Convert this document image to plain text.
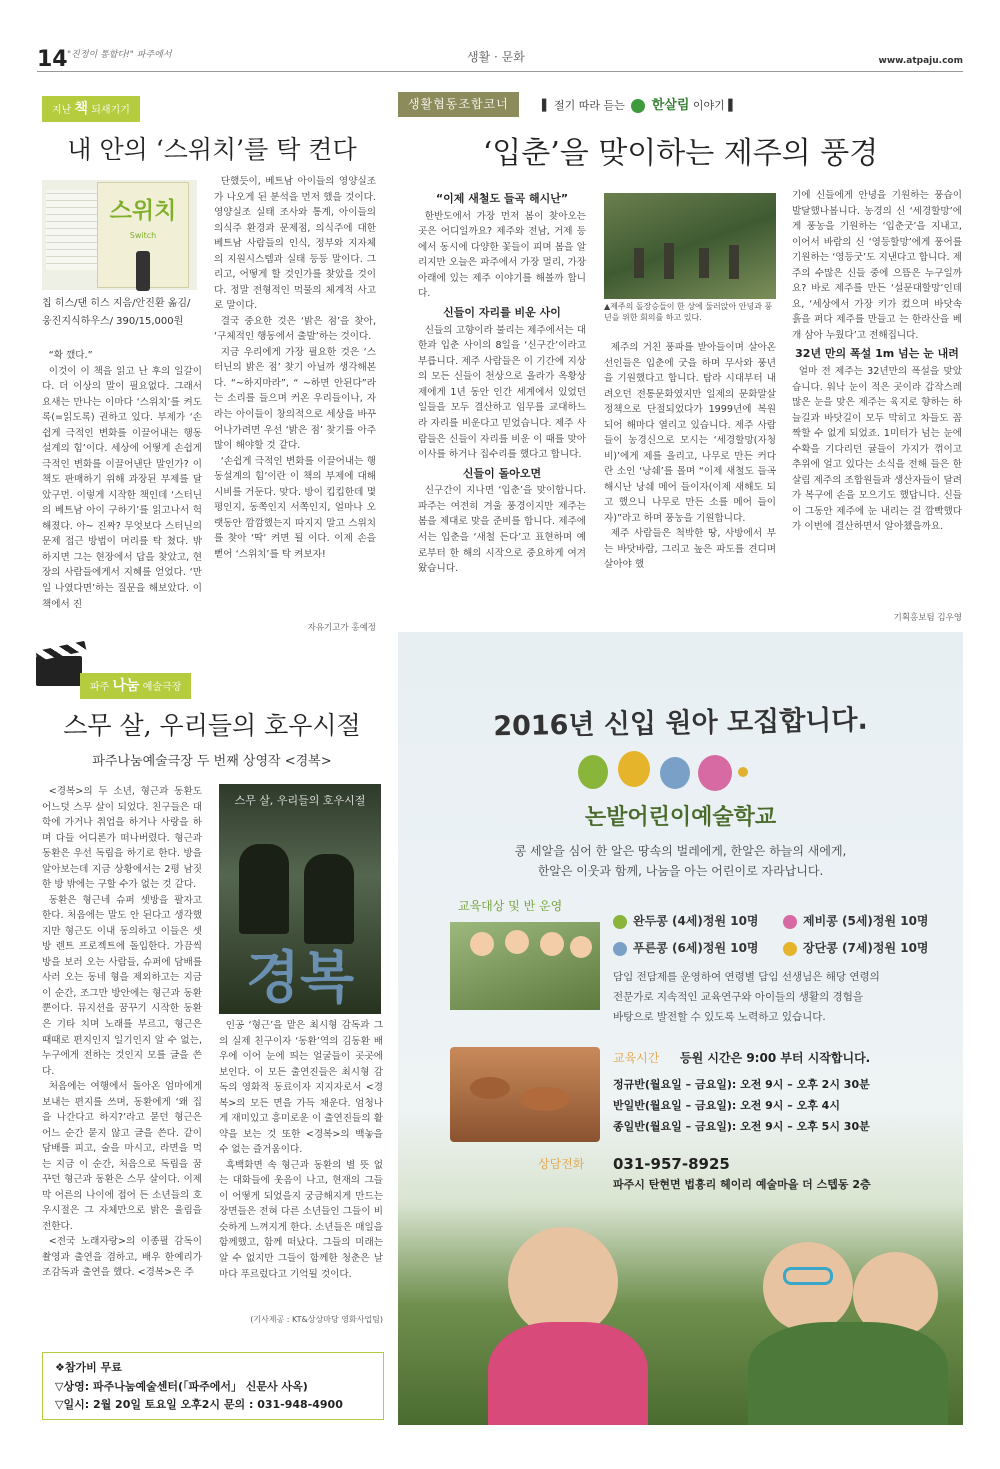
14 "진정이 통합다!" 파주에서	생활 · 문화	www.atpaju.com
지난 책 되새기기
내 안의 ‘스위치’를 탁 켠다
스위치
Switch
칩 히스/댄 히스 지음/안진환 옮김/ 웅진지식하우스/ 390/15,000원

“확 깼다.”

이것이 이 책을 읽고 난 후의 일갈이다. 더 이상의 말이 필요없다. 그래서 요새는 만나는 이마다 ‘스위치’를 켜도록(=읽도록) 권하고 있다. 부제가 ‘손쉽게 극적인 변화를 이끌어내는 행동설계의 힘’이다. 세상에 어떻게 손쉽게 극적인 변화를 이끌어낸단 말인가? 이 책도 판매하기 위해 과장된 부제를 달았구먼. 이렇게 시작한 책인데 ‘스터닌의 베트남 아이 구하기’를 읽고나서 헉 해졌다. 아~ 진짜? 무엇보다 스터닌의 문제 접근 방법이 머리를 탁 쳤다. 밖하지면 그는 현장에서 답을 찾았고, 현장의 사람들에게서 지혜를 얻었다. ‘만일 나였다면’하는 질문을 해보았다. 이 책에서 진

단했듯이, 베트남 아이들의 영양실조가 나오게 된 분석을 먼저 했을 것이다. 영양실조 실태 조사와 통계, 아이들의 의식주 환경과 문제점, 의식주에 대한 베트남 사람들의 인식, 정부와 지자체의 지원시스템과 실태 등등 말이다. 그리고, 어떻게 할 것인가를 찾았을 것이다. 정말 전형적인 먹물의 체계적 사고로 말이다.

결국 중요한 것은 ‘밝은 점’을 찾아, ‘구체적인 행동에서 출발’하는 것이다.

지금 우리에게 가장 필요한 것은 ‘스터닌의 밝은 점’ 찾기 아닐까 생각해본다. “~하지마라”, “ ~하면 안된다”라는 소리를 들으며 커온 우리들이나, 자라는 아이들이 창의적으로 세상을 바꾸어나가려면 우선 ‘밝은 점’ 찾기를 아주 많이 해야할 것 같다.

‘손쉽게 극적인 변화를 이끌어내는 행동설계의 힘’이란 이 책의 부제에 대해 시비를 거둔다. 맞다. 방이 킵킵한데 몇 평인지, 동쪽인지 서쪽인지, 얼마나 오랫동안 깜깜했는지 따지지 말고 스위치를 찾아 ‘딱’ 켜면 될 이다. 이제 손을 뻗어 ‘스위치’를 탁 켜보자!

자유기고가 홍예정
파주 나눔 예술극장
스무 살, 우리들의 호우시절
파주나눔예술극장 두 번째 상영작 <경복>

<경복>의 두 소년, 형근과 동환도 어느덧 스무 살이 되었다. 친구들은 대학에 가거나 취업을 하거나 사랑을 하며 다들 어디론가 떠나버렸다. 형근과 동환은 우선 독립을 하기로 한다. 방을 알아보는데 지금 상황에서는 2평 남짓한 방 밖에는 구할 수가 없는 것 같다.

동환은 형근네 슈퍼 셋방을 팔자고 한다. 처음에는 말도 안 된다고 생각했지만 형근도 이내 동의하고 이들은 셋방 렌트 프로젝트에 돌입한다. 가끔씩 방을 보러 오는 사람들, 슈퍼에 담배를 사러 오는 동네 형을 제외하고는 지금 이 순간, 조그만 방안에는 형근과 동환 뿐이다. 뮤지션을 꿈꾸기 시작한 동환은 기타 치며 노래를 부르고, 형근은 때때로 편지인지 일기인지 알 수 없는, 누구에게 전하는 것인지 모를 글을 쓴다.

처음에는 여행에서 돌아온 엄마에게 보내는 편지를 쓰며, 동환에게 ‘왜 집을 나간다고 하지?’라고 묻던 형근은 어느 순간 묻지 않고 글을 쓴다. 같이 담배를 피고, 술을 마시고, 라면을 먹는 지금 이 순간, 처음으로 독립을 꿈꾸던 형근과 동환은 스무 살이다. 이제 막 어른의 나이에 접어 든 소년들의 호우시절은 그 자체만으로 밝은 울림을 전한다.

<전국 노래자랑>의 이종필 감독이 촬영과 출연을 겸하고, 배우 한예리가 조감독과 출연을 했다. <경복>은 주

스무 살, 우리들의 호우시절
경복

인공 ‘형근’을 맡은 최시형 감독과 그의 실제 친구이자 ‘동환’역의 김동환 배우에 이어 눈에 띄는 얼굴들이 곳곳에 보인다. 이 모든 출연진들은 최시형 감독의 영화적 동료이자 지지자로서 <경복>의 모든 면을 가득 채운다. 엄청나게 재미있고 흥미로운 이 출연진들의 활약을 보는 것 또한 <경복>의 백놓을 수 없는 즐거움이다.

흑백화면 속 형근과 동환의 별 뜻 없는 대화들에 웃음이 나고, 현재의 그들이 어떻게 되었을지 궁금해지게 만드는 장면들은 전혀 다른 소년들인 그들이 비슷하게 느껴지게 한다. 소년들은 매일을 함께했고, 함께 떠났다. 그들의 미래는 알 수 없지만 그들이 함께한 청춘은 날마다 푸르렀다고 기억될 것이다.

(기사제공 : KT&상상마당 영화사업팀)
❖참가비 무료
▽상영: 파주나눔예술센터(「파주에서」 신문사 사옥)
▽일시: 2월 20일 토요일 오후2시 문의 : 031-948-4900
생활협동조합코너	▌ 절기 따라 듣는 한살림 이야기 ▌
‘입춘’을 맞이하는 제주의 풍경
“이제 새철도 들곡 해시난”

한반도에서 가장 먼저 봄이 찾아오는 곳은 어디일까요? 제주와 전남, 거제 등에서 동시에 다양한 꽃들이 피며 봄을 알리지만 오늘은 파주에서 가장 멀리, 가장 아래에 있는 제주 이야기를 해볼까 합니다.

신들이 자리를 비운 사이

신들의 고향이라 불리는 제주에서는 대한과 입춘 사이의 8일을 ‘신구간’이라고 부릅니다. 제주 사람들은 이 기간에 지상의 모든 신들이 천상으로 올라가 옥황상제에게 1년 동안 인간 세계에서 있었던 일들을 모두 결산하고 임무를 교대하느라 자리를 비운다고 믿었습니다. 제주 사람들은 신들이 자리를 비운 이 때를 맞아 이사를 하거나 집수리를 했다고 합니다.

신들이 돌아오면

신구간이 지나면 ‘입춘’을 맞이합니다. 파주는 여전히 겨울 풍경이지만 제주는 봄을 제대로 맞을 준비를 합니다. 제주에서는 입춘을 ‘새철 든다’고 표현하며 예로부터 한 해의 시작으로 중요하게 여겨왔습니다.

▲제주의 돌장승들이 한 상에 둘러앉아 안녕과 풍년을 위한 회의를 하고 있다.

제주의 거친 풍파를 받아들이며 살아온 선인들은 입춘에 굿을 하며 무사와 풍년을 기원했다고 합니다. 탐라 시대부터 내려오던 전통문화였지만 일제의 문화말살 정책으로 단절되었다가 1999년에 복원되어 해마다 열리고 있습니다. 제주 사람들이 농경신으로 모시는 ‘세경할망(자청비)’에게 제를 올리고, 나무로 만든 커다란 소인 ‘낭쉐’를 몰며 “이제 새철도 들곡 해시난 낭쉐 메어 들이자(이제 새해도 되고 했으니 나무로 만든 소를 메어 들이자)”라고 하며 풍농을 기원합니다.

제주 사람들은 척박한 땅, 사방에서 부는 바닷바람, 그리고 높은 파도를 견디며 살아야 했

기에 신들에게 안녕을 기원하는 풍습이 발달했나봅니다. 농경의 신 ‘세경할망’에게 풍농을 기원하는 ‘입춘굿’을 지내고, 이어서 바람의 신 ‘영등할망’에게 풍어를 기원하는 ‘영등굿’도 지낸다고 합니다. 제주의 수많은 신들 중에 으뜸은 누구일까요? 바로 제주를 만든 ‘설문대할망’인데요, ‘세상에서 가장 키가 컸으며 바닷속 흙을 퍼다 제주를 만들고 는 한라산을 베개 삼아 누웠다’고 전해집니다.

32년 만의 폭설 1m 넘는 눈 내려

얼마 전 제주는 32년만의 폭설을 맞았습니다. 워낙 눈이 적은 곳이라 갑작스레 많은 눈을 맞은 제주는 육지로 향하는 하늘길과 바닷길이 모두 막히고 차들도 꼼짝할 수 없게 되었죠. 1미터가 넘는 눈에 수확을 기다리던 귤들이 가지가 꺾이고 추위에 얼고 있다는 소식을 전해 들은 한살림 제주의 조합원들과 생산자들이 달려가 복구에 손을 모으기도 했답니다. 신들이 그동안 제주에 눈 내리는 걸 깜빡했다가 이번에 결산하면서 알아챘을까요.

기획홍보팀 김우영
2016년 신입 원아 모집합니다.
논밭어린이예술학교
콩 세알을 심어 한 알은 땅속의 벌레에게, 한알은 하늘의 새에게,
한알은 이웃과 함께, 나눔을 아는 어린이로 자라납니다.
교육대상 및 반 운영
완두콩 (4세)정원 10명	제비콩 (5세)정원 10명
푸른콩 (6세)정원 10명	장단콩 (7세)정원 10명
담임 전담제를 운영하여 연령별 담임 선생님은 해당 연령의
전문가로 지속적인 교육연구와 아이들의 생활의 경험을
바탕으로 발전할 수 있도록 노력하고 있습니다.
교육시간 등원 시간은 9:00 부터 시작합니다.
정규반(월요일 – 금요일): 오전 9시 – 오후 2시 30분
반일반(월요일 – 금요일): 오전 9시 – 오후 4시
종일반(월요일 – 금요일): 오전 9시 – 오후 5시 30분
상담전화 031-957-8925
파주시 탄현면 법흥리 헤이리 예술마을 더 스텝동 2층
